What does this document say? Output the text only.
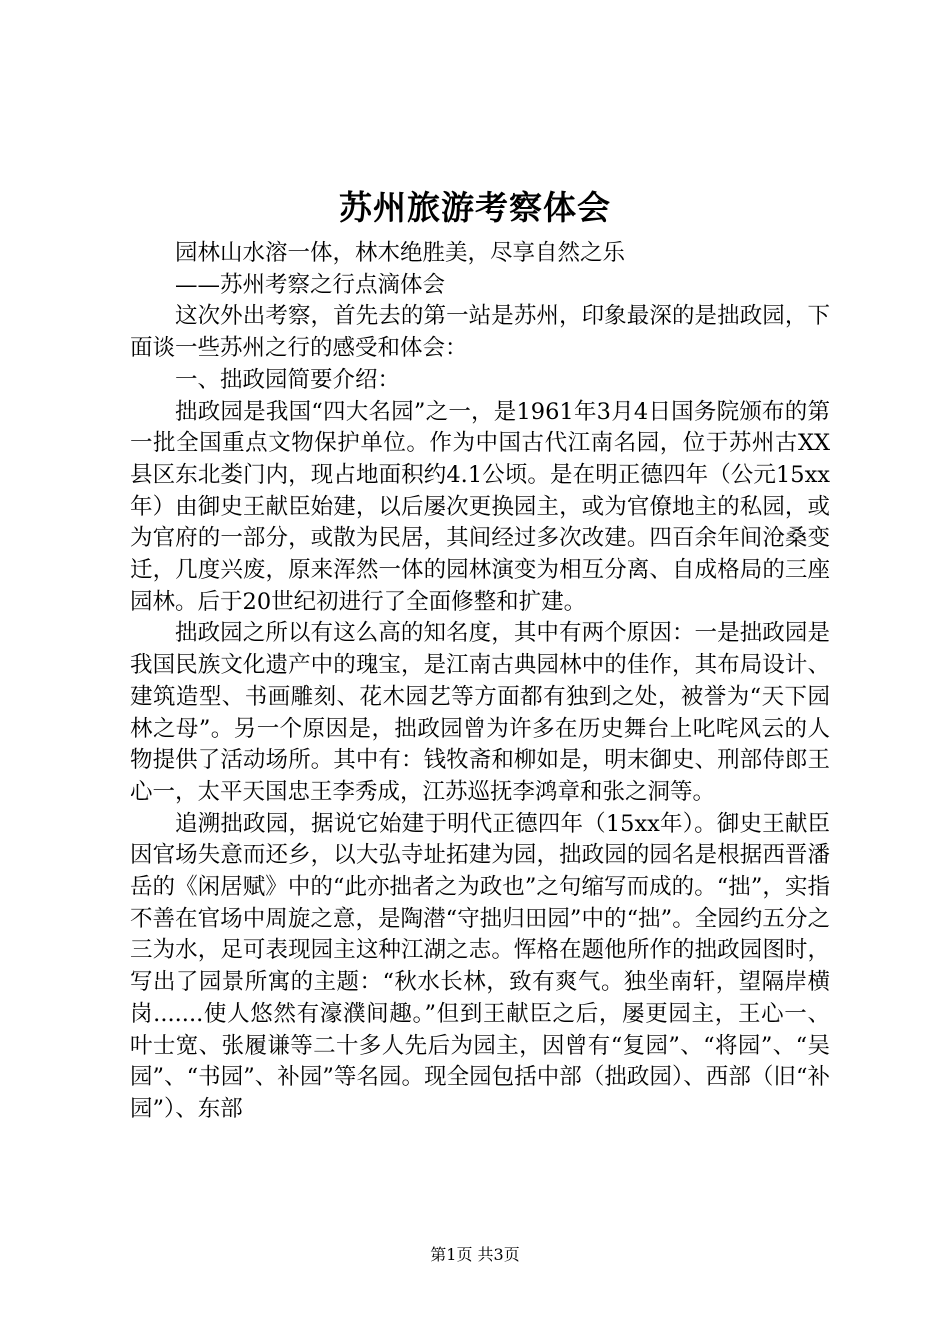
苏州旅游考察体会

园林山水溶一体，林木绝胜美，尽享自然之乐

——苏州考察之行点滴体会

这次外出考察，首先去的第一站是苏州，印象最深的是拙政园，下面谈一些苏州之行的感受和体会：

一、拙政园简要介绍：

拙政园是我国“四大名园”之一，是1961年3月4日国务院颁布的第一批全国重点文物保护单位。作为中国古代江南名园，位于苏州古XX县区东北娄门内，现占地面积约4.1公顷。是在明正德四年（公元15xx年）由御史王献臣始建，以后屡次更换园主，或为官僚地主的私园，或为官府的一部分，或散为民居，其间经过多次改建。四百余年间沧桑变迁，几度兴废，原来浑然一体的园林演变为相互分离、自成格局的三座园林。后于20世纪初进行了全面修整和扩建。

拙政园之所以有这么高的知名度，其中有两个原因：一是拙政园是我国民族文化遗产中的瑰宝，是江南古典园林中的佳作，其布局设计、建筑造型、书画雕刻、花木园艺等方面都有独到之处，被誉为“天下园林之母”。另一个原因是，拙政园曾为许多在历史舞台上叱咤风云的人物提供了活动场所。其中有：钱牧斋和柳如是，明末御史、刑部侍郎王心一，太平天国忠王李秀成，江苏巡抚李鸿章和张之洞等。

追溯拙政园，据说它始建于明代正德四年（15xx年）。御史王献臣因官场失意而还乡，以大弘寺址拓建为园，拙政园的园名是根据西晋潘岳的《闲居赋》中的“此亦拙者之为政也”之句缩写而成的。“拙”，实指不善在官场中周旋之意，是陶潜“守拙归田园”中的“拙”。全园约五分之三为水，足可表现园主这种江湖之志。恽格在题他所作的拙政园图时，写出了园景所寓的主题：“秋水长林，致有爽气。独坐南轩，望隔岸横岗.......使人悠然有濠濮间趣。”但到王献臣之后，屡更园主，王心一、叶士宽、张履谦等二十多人先后为园主，因曾有“复园”、“将园”、“吴园”、“书园”、补园”等名园。现全园包括中部（拙政园）、西部（旧“补园”）、东部

第1页 共3页
